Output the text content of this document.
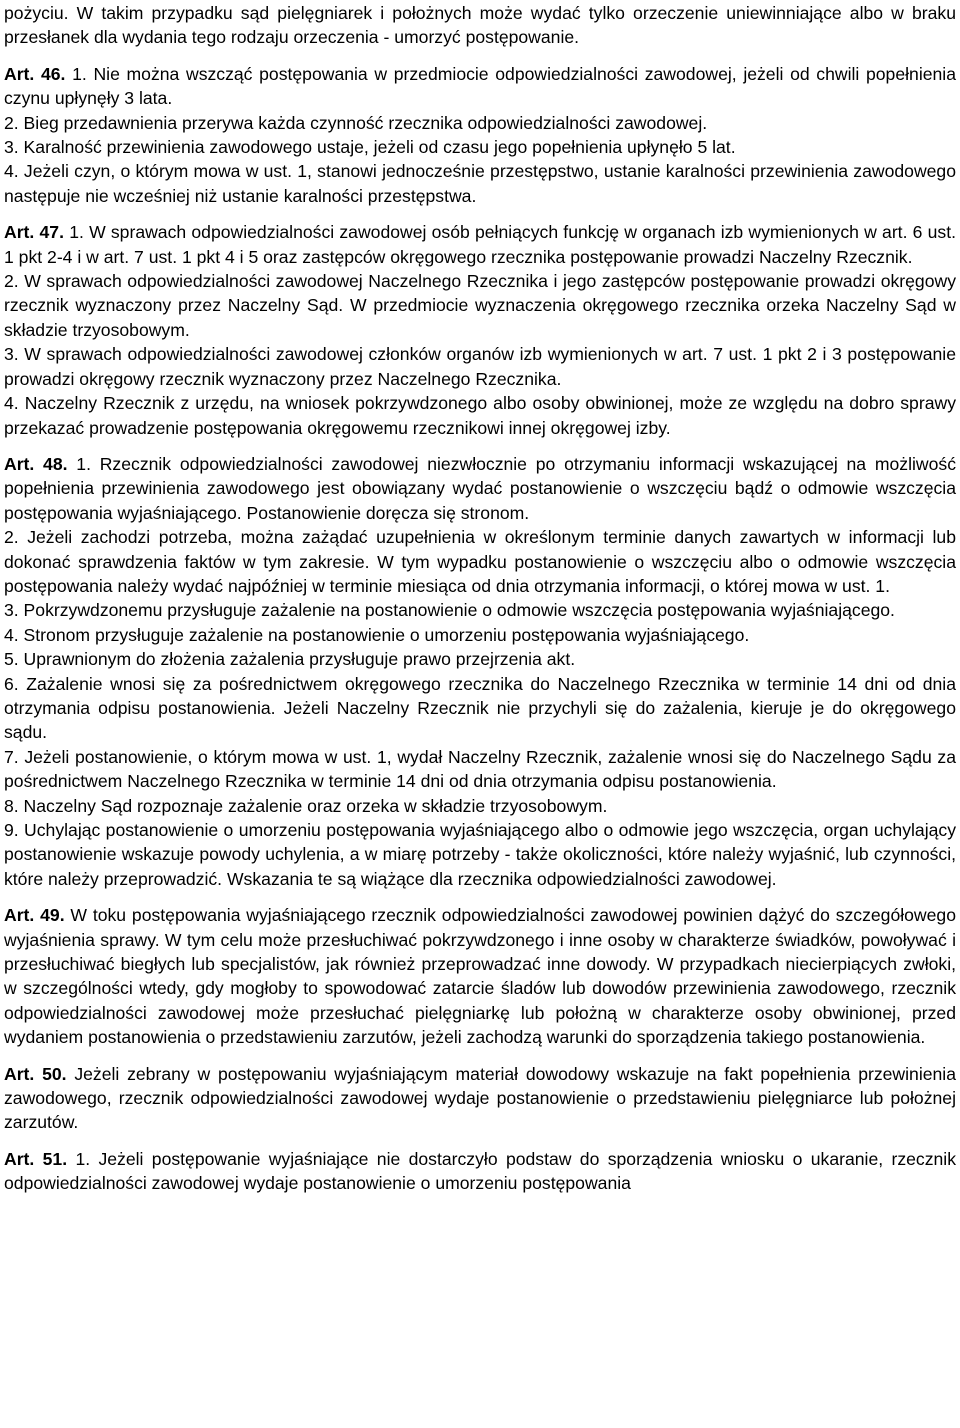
pożyciu. W takim przypadku sąd pielęgniarek i położnych może wydać tylko orzeczenie uniewinniające albo w braku przesłanek dla wydania tego rodzaju orzeczenia - umorzyć postępowanie.

Art. 46. 1. Nie można wszcząć postępowania w przedmiocie odpowiedzialności zawodowej, jeżeli od chwili popełnienia czynu upłynęły 3 lata.

2. Bieg przedawnienia przerywa każda czynność rzecznika odpowiedzialności zawodowej.

3. Karalność przewinienia zawodowego ustaje, jeżeli od czasu jego popełnienia upłynęło 5 lat.

4. Jeżeli czyn, o którym mowa w ust. 1, stanowi jednocześnie przestępstwo, ustanie karalności przewinienia zawodowego następuje nie wcześniej niż ustanie karalności przestępstwa.

Art. 47. 1. W sprawach odpowiedzialności zawodowej osób pełniących funkcję w organach izb wymienionych w art. 6 ust. 1 pkt 2-4 i w art. 7 ust. 1 pkt 4 i 5 oraz zastępców okręgowego rzecznika postępowanie prowadzi Naczelny Rzecznik.

2. W sprawach odpowiedzialności zawodowej Naczelnego Rzecznika i jego zastępców postępowanie prowadzi okręgowy rzecznik wyznaczony przez Naczelny Sąd. W przedmiocie wyznaczenia okręgowego rzecznika orzeka Naczelny Sąd w składzie trzyosobowym.

3. W sprawach odpowiedzialności zawodowej członków organów izb wymienionych w art. 7 ust. 1 pkt 2 i 3 postępowanie prowadzi okręgowy rzecznik wyznaczony przez Naczelnego Rzecznika.

4. Naczelny Rzecznik z urzędu, na wniosek pokrzywdzonego albo osoby obwinionej, może ze względu na dobro sprawy przekazać prowadzenie postępowania okręgowemu rzecznikowi innej okręgowej izby.

Art. 48. 1. Rzecznik odpowiedzialności zawodowej niezwłocznie po otrzymaniu informacji wskazującej na możliwość popełnienia przewinienia zawodowego jest obowiązany wydać postanowienie o wszczęciu bądź o odmowie wszczęcia postępowania wyjaśniającego. Postanowienie doręcza się stronom.

2. Jeżeli zachodzi potrzeba, można zażądać uzupełnienia w określonym terminie danych zawartych w informacji lub dokonać sprawdzenia faktów w tym zakresie. W tym wypadku postanowienie o wszczęciu albo o odmowie wszczęcia postępowania należy wydać najpóźniej w terminie miesiąca od dnia otrzymania informacji, o której mowa w ust. 1.

3. Pokrzywdzonemu przysługuje zażalenie na postanowienie o odmowie wszczęcia postępowania wyjaśniającego.

4. Stronom przysługuje zażalenie na postanowienie o umorzeniu postępowania wyjaśniającego.

5. Uprawnionym do złożenia zażalenia przysługuje prawo przejrzenia akt.

6. Zażalenie wnosi się za pośrednictwem okręgowego rzecznika do Naczelnego Rzecznika w terminie 14 dni od dnia otrzymania odpisu postanowienia. Jeżeli Naczelny Rzecznik nie przychyli się do zażalenia, kieruje je do okręgowego sądu.

7. Jeżeli postanowienie, o którym mowa w ust. 1, wydał Naczelny Rzecznik, zażalenie wnosi się do Naczelnego Sądu za pośrednictwem Naczelnego Rzecznika w terminie 14 dni od dnia otrzymania odpisu postanowienia.

8. Naczelny Sąd rozpoznaje zażalenie oraz orzeka w składzie trzyosobowym.

9. Uchylając postanowienie o umorzeniu postępowania wyjaśniającego albo o odmowie jego wszczęcia, organ uchylający postanowienie wskazuje powody uchylenia, a w miarę potrzeby - także okoliczności, które należy wyjaśnić, lub czynności, które należy przeprowadzić. Wskazania te są wiążące dla rzecznika odpowiedzialności zawodowej.

Art. 49. W toku postępowania wyjaśniającego rzecznik odpowiedzialności zawodowej powinien dążyć do szczegółowego wyjaśnienia sprawy. W tym celu może przesłuchiwać pokrzywdzonego i inne osoby w charakterze świadków, powoływać i przesłuchiwać biegłych lub specjalistów, jak również przeprowadzać inne dowody. W przypadkach niecierpiących zwłoki, w szczególności wtedy, gdy mogłoby to spowodować zatarcie śladów lub dowodów przewinienia zawodowego, rzecznik odpowiedzialności zawodowej może przesłuchać pielęgniarkę lub położną w charakterze osoby obwinionej, przed wydaniem postanowienia o przedstawieniu zarzutów, jeżeli zachodzą warunki do sporządzenia takiego postanowienia.

Art. 50. Jeżeli zebrany w postępowaniu wyjaśniającym materiał dowodowy wskazuje na fakt popełnienia przewinienia zawodowego, rzecznik odpowiedzialności zawodowej wydaje postanowienie o przedstawieniu pielęgniarce lub położnej zarzutów.

Art. 51. 1. Jeżeli postępowanie wyjaśniające nie dostarczyło podstaw do sporządzenia wniosku o ukaranie, rzecznik odpowiedzialności zawodowej wydaje postanowienie o umorzeniu postępowania
